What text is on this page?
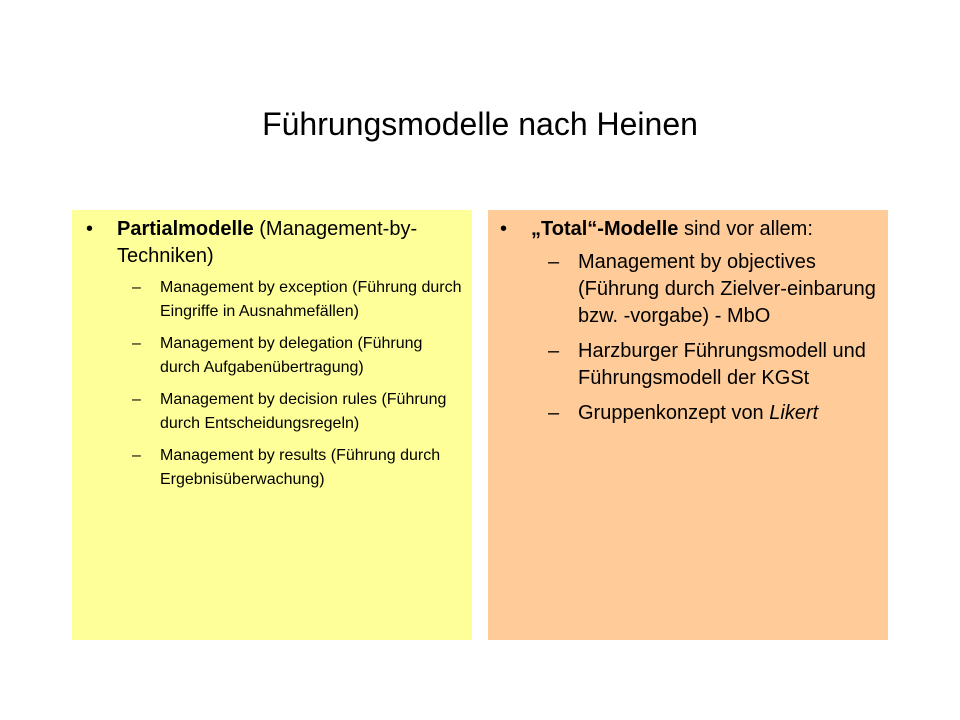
Führungsmodelle nach Heinen
• Partialmodelle (Management-by-Techniken)
– Management by exception (Führung durch Eingriffe in Ausnahmefällen)
– Management by delegation (Führung durch Aufgabenübertragung)
– Management by decision rules (Führung durch Entscheidungsregeln)
– Management by results (Führung durch Ergebnisüberwachung)
• „Total“-Modelle sind vor allem:
– Management by objectives (Führung durch Zielver-einbarung bzw. -vorgabe) - MbO
– Harzburger Führungsmodell und Führungsmodell der KGSt
– Gruppenkonzept von Likert
